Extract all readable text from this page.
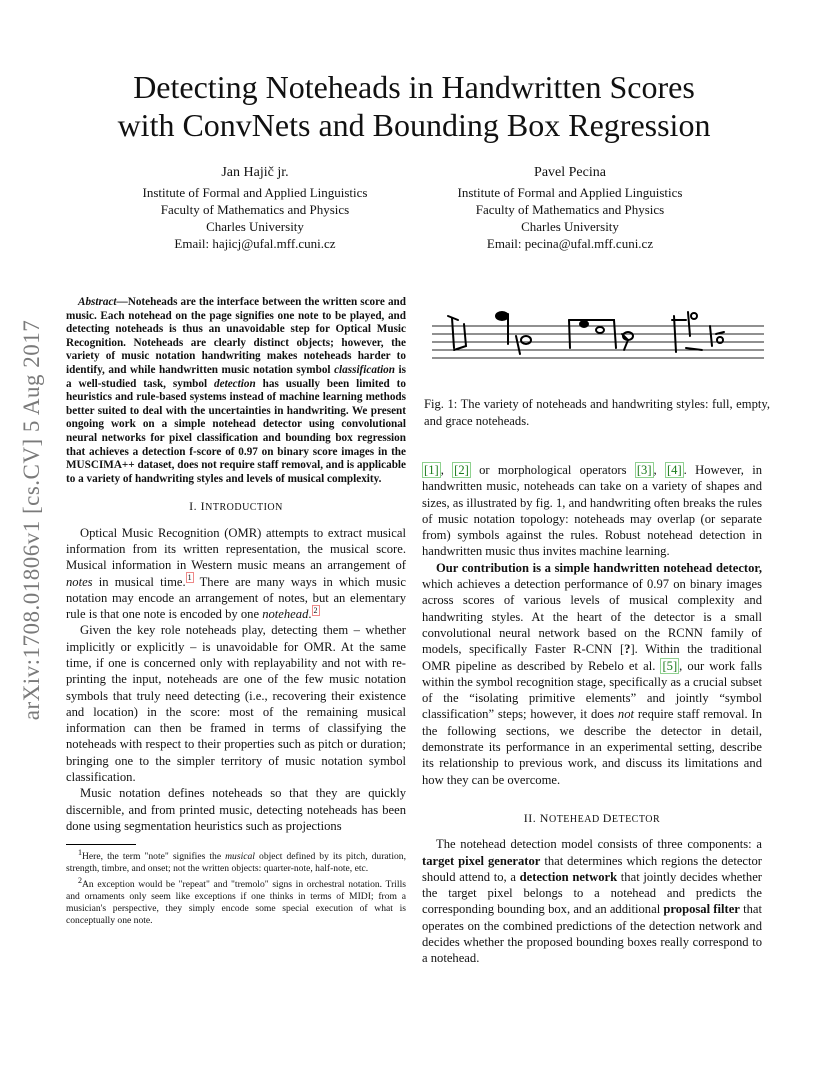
Detecting Noteheads in Handwritten Scores
with ConvNets and Bounding Box Regression
Jan Hajič jr.
Institute of Formal and Applied Linguistics
Faculty of Mathematics and Physics
Charles University
Email: hajicj@ufal.mff.cuni.cz
Pavel Pecina
Institute of Formal and Applied Linguistics
Faculty of Mathematics and Physics
Charles University
Email: pecina@ufal.mff.cuni.cz
arXiv:1708.01806v1 [cs.CV] 5 Aug 2017
Abstract—Noteheads are the interface between the written score and music. Each notehead on the page signifies one note to be played, and detecting noteheads is thus an unavoidable step for Optical Music Recognition. Noteheads are clearly distinct objects; however, the variety of music notation handwriting makes noteheads harder to identify, and while handwritten music notation symbol classification is a well-studied task, symbol detection has usually been limited to heuristics and rule-based systems instead of machine learning methods better suited to deal with the uncertainties in handwriting. We present ongoing work on a simple notehead detector using convolutional neural networks for pixel classification and bounding box regression that achieves a detection f-score of 0.97 on binary score images in the MUSCIMA++ dataset, does not require staff removal, and is applicable to a variety of handwriting styles and levels of musical complexity.
I. INTRODUCTION

Optical Music Recognition (OMR) attempts to extract musical information from its written representation, the musical score. Musical information in Western music means an arrangement of notes in musical time. $^1$ There are many ways in which music notation may encode an arrangement of notes, but an elementary rule is that one note is encoded by one notehead. $^2$

Given the key role noteheads play, detecting them – whether implicitly or explicitly – is unavoidable for OMR. At the same time, if one is concerned only with replayability and not with re-printing the input, noteheads are one of the few music notation symbols that truly need detecting (i.e., recovering their existence and location) in the score: most of the remaining musical information can then be framed in terms of classifying the noteheads with respect to their properties such as pitch or duration; bringing one to the simpler territory of music notation symbol classification.

Music notation defines noteheads so that they are quickly discernible, and from printed music, detecting noteheads has been done using segmentation heuristics such as projections

$^1$Here, the term "note" signifies the musical object defined by its pitch, duration, strength, timbre, and onset; not the written objects: quarter-note, half-note, etc.

$^2$An exception would be "repeat" and "tremolo" signs in orchestral notation. Trills and ornaments only seem like exceptions if one thinks in terms of MIDI; from a musician's perspective, they simply encode some special execution of what is conceptually one note.

Fig. 1: The variety of noteheads and handwriting styles: full, empty, and grace noteheads.

[1] , [2] or morphological operators [3] , [4] . However, in handwritten music, noteheads can take on a variety of shapes and sizes, as illustrated by fig. 1, and handwriting often breaks the rules of music notation topology: noteheads may overlap (or separate from) symbols against the rules. Robust notehead detection in handwritten music thus invites machine learning.

Our contribution is a simple handwritten notehead detector, which achieves a detection performance of 0.97 on binary images across scores of various levels of musical complexity and handwriting styles. At the heart of the detector is a small convolutional neural network based on the RCNN family of models, specifically Faster R-CNN [?]. Within the traditional OMR pipeline as described by Rebelo et al. [5] , our work falls within the symbol recognition stage, specifically as a crucial subset of the “isolating primitive elements” and jointly “symbol classification” steps; however, it does not require staff removal. In the following sections, we describe the detector in detail, demonstrate its performance in an experimental setting, describe its relationship to previous work, and discuss its limitations and how they can be overcome.

II. NOTEHEAD DETECTOR

The notehead detection model consists of three components: a target pixel generator that determines which regions the detector should attend to, a detection network that jointly decides whether the target pixel belongs to a notehead and predicts the corresponding bounding box, and an additional proposal filter that operates on the combined predictions of the detection network and decides whether the proposed bounding boxes really correspond to a notehead.
